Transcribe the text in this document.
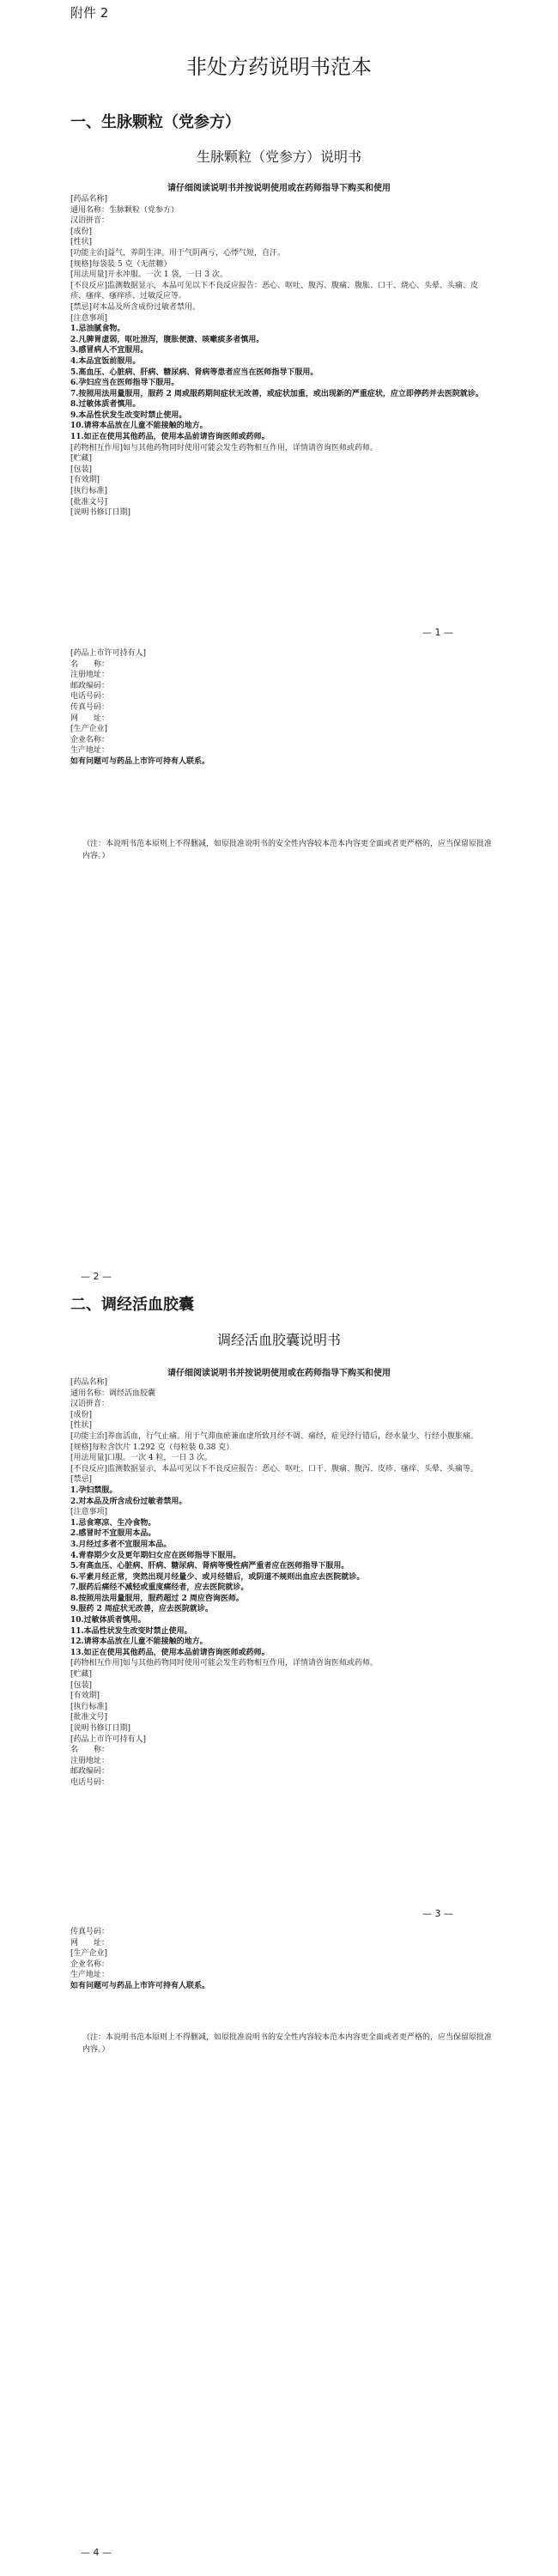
附件 2
非处方药说明书范本
一、生脉颗粒（党参方）
生脉颗粒（党参方）说明书
请仔细阅读说明书并按说明使用或在药师指导下购买和使用
[药品名称]
通用名称：生脉颗粒（党参方）
汉语拼音：
[成份]
[性状]
[功能主治]益气，养阴生津。用于气阴两亏，心悸气短，自汗。
[规格]每袋装 5 克（无蔗糖）
[用法用量]开水冲服。一次 1 袋，一日 3 次。
[不良反应]监测数据显示，本品可见以下不良反应报告：恶心、呕吐、腹泻、腹痛、腹胀、口干、烧心、头晕、头痛、皮疹、瘙痒、瘙痒疹、过敏反应等。
[禁忌]对本品及所含成份过敏者禁用。
[注意事项]
1.忌油腻食物。
2.凡脾胃虚弱，呕吐泄泻，腹胀便溏、咳嗽痰多者慎用。
3.感冒病人不宜服用。
4.本品宜饭前服用。
5.高血压、心脏病、肝病、糖尿病、肾病等患者应当在医师指导下服用。
6.孕妇应当在医师指导下服用。
7.按照用法用量服用，服药 2 周或服药期间症状无改善，或症状加重，或出现新的严重症状，应立即停药并去医院就诊。
8.过敏体质者慎用。
9.本品性状发生改变时禁止使用。
10.请将本品放在儿童不能接触的地方。
11.如正在使用其他药品，使用本品前请咨询医师或药师。
[药物相互作用]如与其他药物同时使用可能会发生药物相互作用，详情请咨询医师或药师。
[贮藏]
[包装]
[有效期]
[执行标准]
[批准文号]
[说明书修订日期]
— 1 —
[药品上市许可持有人]
名　　称：
注册地址：
邮政编码：
电话号码：
传真号码：
网　　址：
[生产企业]
企业名称：
生产地址：
如有问题可与药品上市许可持有人联系。
（注：本说明书范本原则上不得删减，如原批准说明书的安全性内容较本范本内容更全面或者更严格的，应当保留原批准内容。）
— 2 —
二、调经活血胶囊
调经活血胶囊说明书
请仔细阅读说明书并按说明使用或在药师指导下购买和使用
[药品名称]
通用名称：调经活血胶囊
汉语拼音：
[成份]
[性状]
[功能主治]养血活血，行气止痛。用于气滞血瘀兼血虚所致月经不调、痛经，症见经行错后，经水量少、行经小腹胀痛。
[规格]每粒含饮片 1.292 克（每粒装 0.38 克）
[用法用量]口服。一次 4 粒，一日 3 次。
[不良反应]监测数据显示，本品可见以下不良反应报告：恶心、呕吐、口干、腹痛、腹泻、皮疹、瘙痒、头晕、头痛等。
[禁忌]
1.孕妇禁服。
2.对本品及所含成份过敏者禁用。
[注意事项]
1.忌食寒凉、生冷食物。
2.感冒时不宜服用本品。
3.月经过多者不宜服用本品。
4.青春期少女及更年期妇女应在医师指导下服用。
5.有高血压、心脏病、肝病、糖尿病、肾病等慢性病严重者应在医师指导下服用。
6.平素月经正常，突然出现月经量少、或月经错后，或阴道不规则出血应去医院就诊。
7.服药后痛经不减轻或重度痛经者，应去医院就诊。
8.按照用法用量服用，服药超过 2 周应咨询医师。
9.服药 2 周症状无改善，应去医院就诊。
10.过敏体质者慎用。
11.本品性状发生改变时禁止使用。
12.请将本品放在儿童不能接触的地方。
13.如正在使用其他药品，使用本品前请咨询医师或药师。
[药物相互作用]如与其他药物同时使用可能会发生药物相互作用，详情请咨询医师或药师。
[贮藏]
[包装]
[有效期]
[执行标准]
[批准文号]
[说明书修订日期]
[药品上市许可持有人]
名　　称：
注册地址：
邮政编码：
电话号码：
— 3 —
传真号码：
网　　址：
[生产企业]
企业名称：
生产地址：
如有问题可与药品上市许可持有人联系。
（注：本说明书范本原则上不得删减，如原批准说明书的安全性内容较本范本内容更全面或者更严格的，应当保留原批准内容。）
— 4 —
